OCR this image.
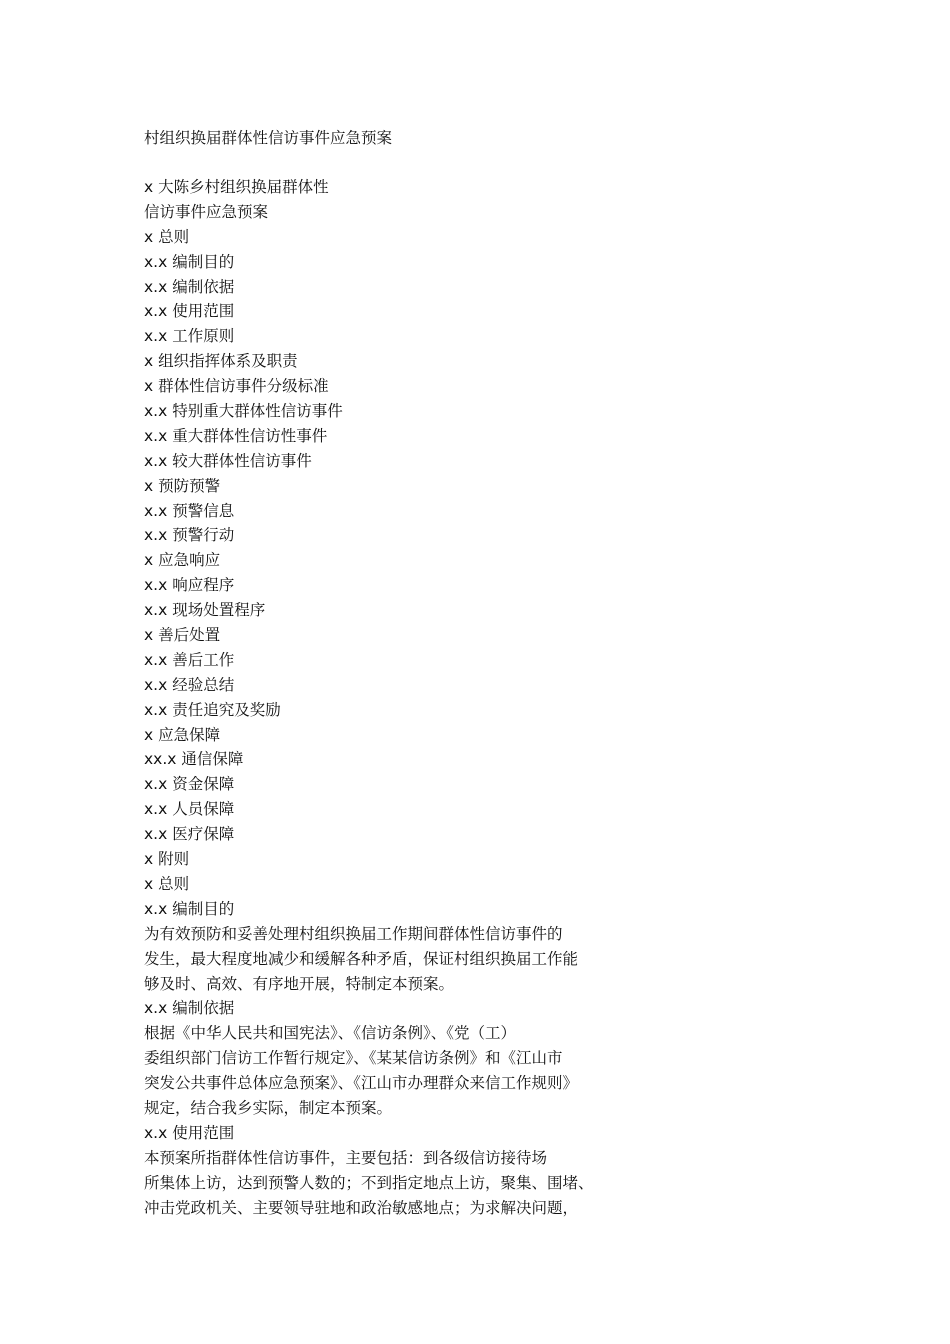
村组织换届群体性信访事件应急预案
x 大陈乡村组织换届群体性
信访事件应急预案
x 总则
x.x 编制目的
x.x 编制依据
x.x 使用范围
x.x 工作原则
x 组织指挥体系及职责
x 群体性信访事件分级标准
x.x 特别重大群体性信访事件
x.x 重大群体性信访性事件
x.x 较大群体性信访事件
x 预防预警
x.x 预警信息
x.x 预警行动
x 应急响应
x.x 响应程序
x.x 现场处置程序
x 善后处置
x.x 善后工作
x.x 经验总结
x.x 责任追究及奖励
x 应急保障
xx.x 通信保障
x.x 资金保障
x.x 人员保障
x.x 医疗保障
x 附则
x 总则
x.x 编制目的
为有效预防和妥善处理村组织换届工作期间群体性信访事件的
发生，最大程度地减少和缓解各种矛盾，保证村组织换届工作能
够及时、高效、有序地开展，特制定本预案。
x.x 编制依据
根据《中华人民共和国宪法》、《信访条例》、《党（工）
委组织部门信访工作暂行规定》、《某某信访条例》和《江山市
突发公共事件总体应急预案》、《江山市办理群众来信工作规则》
规定，结合我乡实际，制定本预案。
x.x 使用范围
本预案所指群体性信访事件，主要包括：到各级信访接待场
所集体上访，达到预警人数的；不到指定地点上访，聚集、围堵、
冲击党政机关、主要领导驻地和政治敏感地点；为求解决问题，
